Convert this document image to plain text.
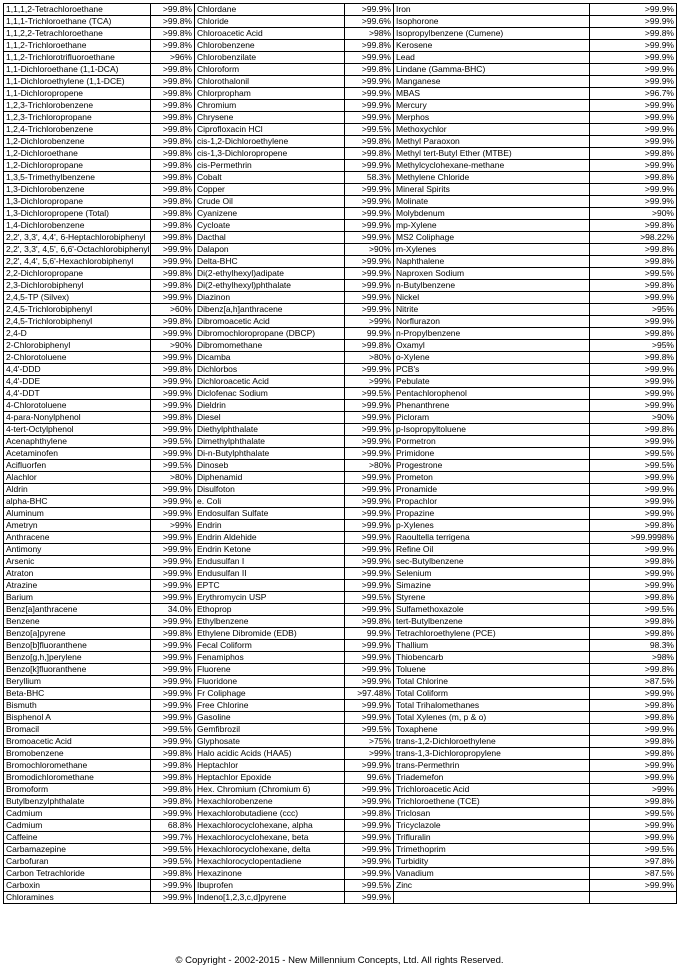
1,1,1,2-Tetrachloroethane	>99.8%	Chlordane	>99.9%	Iron	>99.9%
1,1,1-Trichloroethane (TCA)	>99.8%	Chloride	>99.6%	Isophorone	>99.9%
1,1,2,2-Tetrachloroethane	>99.8%	Chloroacetic Acid	>98%	Isopropylbenzene (Cumene)	>99.8%
1,1,2-Trichloroethane	>99.8%	Chlorobenzene	>99.8%	Kerosene	>99.9%
1,1,2-Trichlorotrifluoroethane	>96%	Chlorobenzilate	>99.9%	Lead	>99.9%
1,1-Dichloroethane (1,1-DCA)	>99.8%	Chloroform	>99.8%	Lindane (Gamma-BHC)	>99.9%
1,1-Dichloroethylene (1,1-DCE)	>99.8%	Chlorothalonil	>99.9%	Manganese	>99.9%
1,1-Dichloropropene	>99.8%	Chlorpropham	>99.9%	MBAS	>96.7%
1,2,3-Trichlorobenzene	>99.8%	Chromium	>99.9%	Mercury	>99.9%
1,2,3-Trichloropropane	>99.8%	Chrysene	>99.9%	Merphos	>99.9%
1,2,4-Trichlorobenzene	>99.8%	Ciprofloxacin HCl	>99.5%	Methoxychlor	>99.9%
1,2-Dichlorobenzene	>99.8%	cis-1,2-Dichloroethylene	>99.8%	Methyl Paraoxon	>99.9%
1,2-Dichloroethane	>99.8%	cis-1,3-Dichloropropene	>99.8%	Methyl tert-Butyl Ether (MTBE)	>99.8%
1,2-Dichloropropane	>99.8%	cis-Permethrin	>99.9%	Methylcyclohexane-methane	>99.9%
1,3,5-Trimethylbenzene	>99.8%	Cobalt	58.3%	Methylene Chloride	>99.8%
1,3-Dichlorobenzene	>99.8%	Copper	>99.9%	Mineral Spirits	>99.9%
1,3-Dichloropropane	>99.8%	Crude Oil	>99.9%	Molinate	>99.9%
1,3-Dichloropropene (Total)	>99.8%	Cyanizene	>99.9%	Molybdenum	>90%
1,4-Dichlorobenzene	>99.8%	Cycloate	>99.9%	mp-Xylene	>99.8%
2,2', 3,3', 4,4', 6-Heptachlorobiphenyl	>99.8%	Dacthal	>99.9%	MS2 Coliphage	>98.22%
2,2', 3,3', 4,5', 6,6'-Octachlorobiphenyl	>99.9%	Dalapon	>90%	m-Xylenes	>99.8%
2,2', 4,4', 5,6'-Hexachlorobiphenyl	>99.9%	Delta-BHC	>99.9%	Naphthalene	>99.8%
2,2-Dichloropropane	>99.8%	Di(2-ethylhexyl)adipate	>99.9%	Naproxen Sodium	>99.5%
2,3-Dichlorobiphenyl	>99.8%	Di(2-ethylhexyl)phthalate	>99.9%	n-Butylbenzene	>99.8%
2,4,5-TP (Silvex)	>99.9%	Diazinon	>99.9%	Nickel	>99.9%
2,4,5-Trichlorobiphenyl	>60%	Dibenz[a,h]anthracene	>99.9%	Nitrite	>95%
2,4,5-Trichlorobiphenyl	>99.8%	Dibromoacetic Acid	>99%	Norflurazon	>99.9%
2,4-D	>99.9%	Dibromochloropropane (DBCP)	99.9%	n-Propylbenzene	>99.8%
2-Chlorobiphenyl	>90%	Dibromomethane	>99.8%	Oxamyl	>95%
2-Chlorotoluene	>99.9%	Dicamba	>80%	o-Xylene	>99.8%
4,4'-DDD	>99.8%	Dichlorbos	>99.9%	PCB's	>99.9%
4,4'-DDE	>99.9%	Dichloroacetic Acid	>99%	Pebulate	>99.9%
4,4'-DDT	>99.9%	Diclofenac Sodium	>99.5%	Pentachlorophenol	>99.9%
4-Chlorotoluene	>99.9%	Dieldrin	>99.9%	Phenanthrene	>99.9%
4-para-Nonylphenol	>99.8%	Diesel	>99.9%	Picloram	>90%
4-tert-Octylphenol	>99.9%	Diethylphthalate	>99.9%	p-Isopropyltoluene	>99.8%
Acenaphthylene	>99.5%	Dimethylphthalate	>99.9%	Pormetron	>99.9%
Acetaminofen	>99.9%	Di-n-Butylphthalate	>99.9%	Primidone	>99.5%
Acifluorfen	>99.5%	Dinoseb	>80%	Progestrone	>99.5%
Alachlor	>80%	Diphenamid	>99.9%	Prometon	>99.9%
Aldrin	>99.9%	Disulfoton	>99.9%	Pronamide	>99.9%
alpha-BHC	>99.9%	e. Coli	>99.9%	Propachlor	>99.9%
Aluminum	>99.9%	Endosulfan Sulfate	>99.9%	Propazine	>99.9%
Ametryn	>99%	Endrin	>99.9%	p-Xylenes	>99.8%
Anthracene	>99.9%	Endrin Aldehide	>99.9%	Raoultella terrigena	>99.9998%
Antimony	>99.9%	Endrin Ketone	>99.9%	Refine Oil	>99.9%
Arsenic	>99.9%	Endusulfan I	>99.9%	sec-Butylbenzene	>99.8%
Atraton	>99.9%	Endusulfan II	>99.9%	Selenium	>99.9%
Atrazine	>99.9%	EPTC	>99.9%	Simazine	>99.9%
Barium	>99.9%	Erythromycin USP	>99.5%	Styrene	>99.8%
Benz[a]anthracene	34.0%	Ethoprop	>99.9%	Sulfamethoxazole	>99.5%
Benzene	>99.9%	Ethylbenzene	>99.8%	tert-Butylbenzene	>99.8%
Benzo[a]pyrene	>99.8%	Ethylene Dibromide (EDB)	99.9%	Tetrachloroethylene (PCE)	>99.8%
Benzo[b]fluoranthene	>99.9%	Fecal Coliform	>99.9%	Thallium	98.3%
Benzo[g,h,]perylene	>99.9%	Fenamiphos	>99.9%	Thiobencarb	>98%
Benzo[k]fluoranthene	>99.9%	Fluorene	>99.9%	Toluene	>99.8%
Beryllium	>99.9%	Fluoridone	>99.9%	Total Chlorine	>87.5%
Beta-BHC	>99.9%	Fr Coliphage	>97.48%	Total Coliform	>99.9%
Bismuth	>99.9%	Free Chlorine	>99.9%	Total Trihalomethanes	>99.8%
Bisphenol A	>99.9%	Gasoline	>99.9%	Total Xylenes (m, p & o)	>99.8%
Bromacil	>99.5%	Gemfibrozil	>99.5%	Toxaphene	>99.9%
Bromoacetic Acid	>99.9%	Glyphosate	>75%	trans-1,2-Dichloroethylene	>99.8%
Bromobenzene	>99.8%	Halo acidic Acids (HAA5)	>99%	trans-1,3-Dichloropropylene	>99.8%
Bromochloromethane	>99.8%	Heptachlor	>99.9%	trans-Permethrin	>99.9%
Bromodichloromethane	>99.8%	Heptachlor Epoxide	99.6%	Triademefon	>99.9%
Bromoform	>99.8%	Hex. Chromium (Chromium 6)	>99.9%	Trichloroacetic Acid	>99%
Butylbenzylphthalate	>99.8%	Hexachlorobenzene	>99.9%	Trichloroethene (TCE)	>99.8%
Cadmium	>99.9%	Hexachlorobutadiene (ccc)	>99.8%	Triclosan	>99.5%
Cadmium	68.8%	Hexachlorocyclohexane, alpha	>99.9%	Tricyclazole	>99.9%
Caffeine	>99.7%	Hexachlorocyclohexane, beta	>99.9%	Trifluralin	>99.9%
Carbamazepine	>99.5%	Hexachlorocyclohexane, delta	>99.9%	Trimethoprim	>99.5%
Carbofuran	>99.5%	Hexachlorocyclopentadiene	>99.9%	Turbidity	>97.8%
Carbon Tetrachloride	>99.8%	Hexazinone	>99.9%	Vanadium	>87.5%
Carboxin	>99.9%	Ibuprofen	>99.5%	Zinc	>99.9%
Chloramines	>99.9%	Indeno[1,2,3,c,d]pyrene	>99.9%		
© Copyright - 2002-2015 - New Millennium Concepts, Ltd. All rights Reserved.
